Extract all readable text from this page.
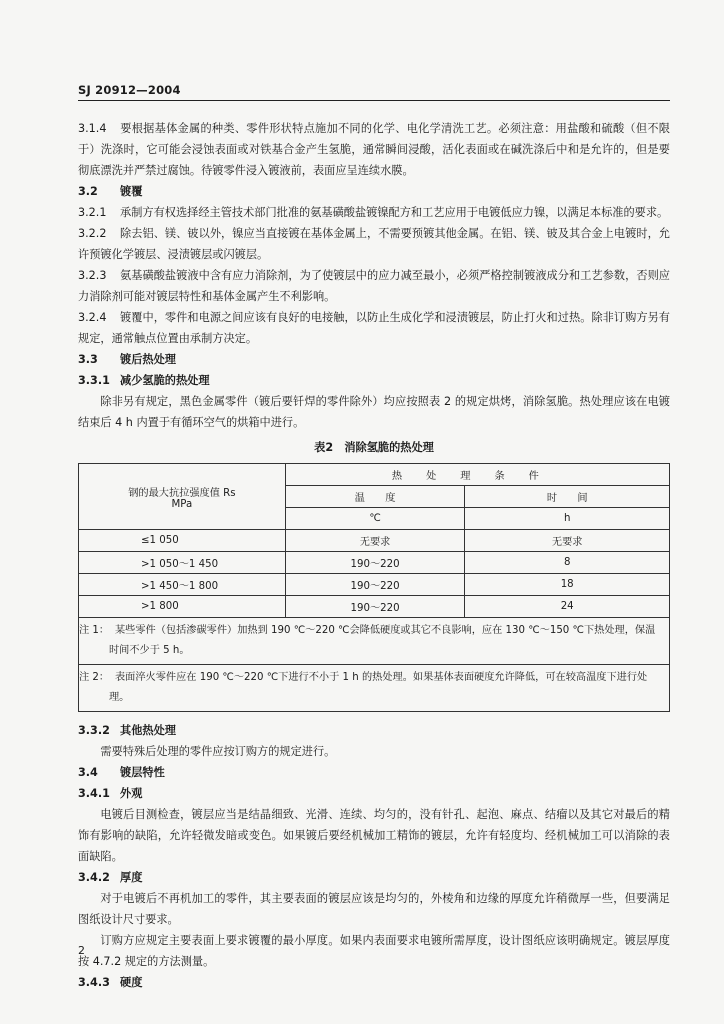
SJ 20912—2004

3.1.4 要根据基体金属的种类、零件形状特点施加不同的化学、电化学清洗工艺。必须注意：用盐酸和硫酸（但不限于）洗涤时，它可能会浸蚀表面或对铁基合金产生氢脆，通常瞬间浸酸，活化表面或在碱洗涤后中和是允许的，但是要彻底漂洗并严禁过腐蚀。待镀零件浸入镀液前，表面应呈连续水膜。

3.2 镀覆

3.2.1 承制方有权选择经主管技术部门批准的氨基磺酸盐镀镍配方和工艺应用于电镀低应力镍，以满足本标准的要求。

3.2.2 除去铝、镁、铍以外，镍应当直接镀在基体金属上，不需要预镀其他金属。在铝、镁、铍及其合金上电镀时，允许预镀化学镀层、浸渍镀层或闪镀层。

3.2.3 氨基磺酸盐镀液中含有应力消除剂，为了使镀层中的应力减至最小，必须严格控制镀液成分和工艺参数，否则应力消除剂可能对镀层特性和基体金属产生不利影响。

3.2.4 镀覆中，零件和电源之间应该有良好的电接触，以防止生成化学和浸渍镀层，防止打火和过热。除非订购方另有规定，通常触点位置由承制方决定。

3.3 镀后热处理

3.3.1 减少氢脆的热处理

除非另有规定，黑色金属零件（镀后要钎焊的零件除外）均应按照表 2 的规定烘烤，消除氢脆。热处理应该在电镀结束后 4 h 内置于有循环空气的烘箱中进行。

表2　消除氢脆的热处理
钢的最大抗拉强度值 Rs
MPa	热处理条件	
	温　　度	时　　间
	℃	h
≤1 050	无要求	无要求
>1 050～1 450	190～220	8
>1 450～1 800	190～220	18
>1 800	190～220	24
注 1： 某些零件（包括渗碳零件）加热到 190 ℃～220 ℃会降低硬度或其它不良影响，应在 130 ℃～150 ℃下热处理，保温时间不少于 5 h。		
注 2： 表面淬火零件应在 190 ℃～220 ℃下进行不小于 1 h 的热处理。如果基体表面硬度允许降低，可在较高温度下进行处理。		

3.3.2 其他热处理

需要特殊后处理的零件应按订购方的规定进行。

3.4 镀层特性

3.4.1 外观

电镀后目测检查，镀层应当是结晶细致、光滑、连续、均匀的，没有针孔、起泡、麻点、结瘤以及其它对最后的精饰有影响的缺陷，允许轻微发暗或变色。如果镀后要经机械加工精饰的镀层，允许有轻度均、经机械加工可以消除的表面缺陷。

3.4.2 厚度

对于电镀后不再机加工的零件，其主要表面的镀层应该是均匀的，外棱角和边缘的厚度允许稍微厚一些，但要满足图纸设计尺寸要求。

订购方应规定主要表面上要求镀覆的最小厚度。如果内表面要求电镀所需厚度，设计图纸应该明确规定。镀层厚度按 4.7.2 规定的方法测量。

3.4.3 硬度

2
